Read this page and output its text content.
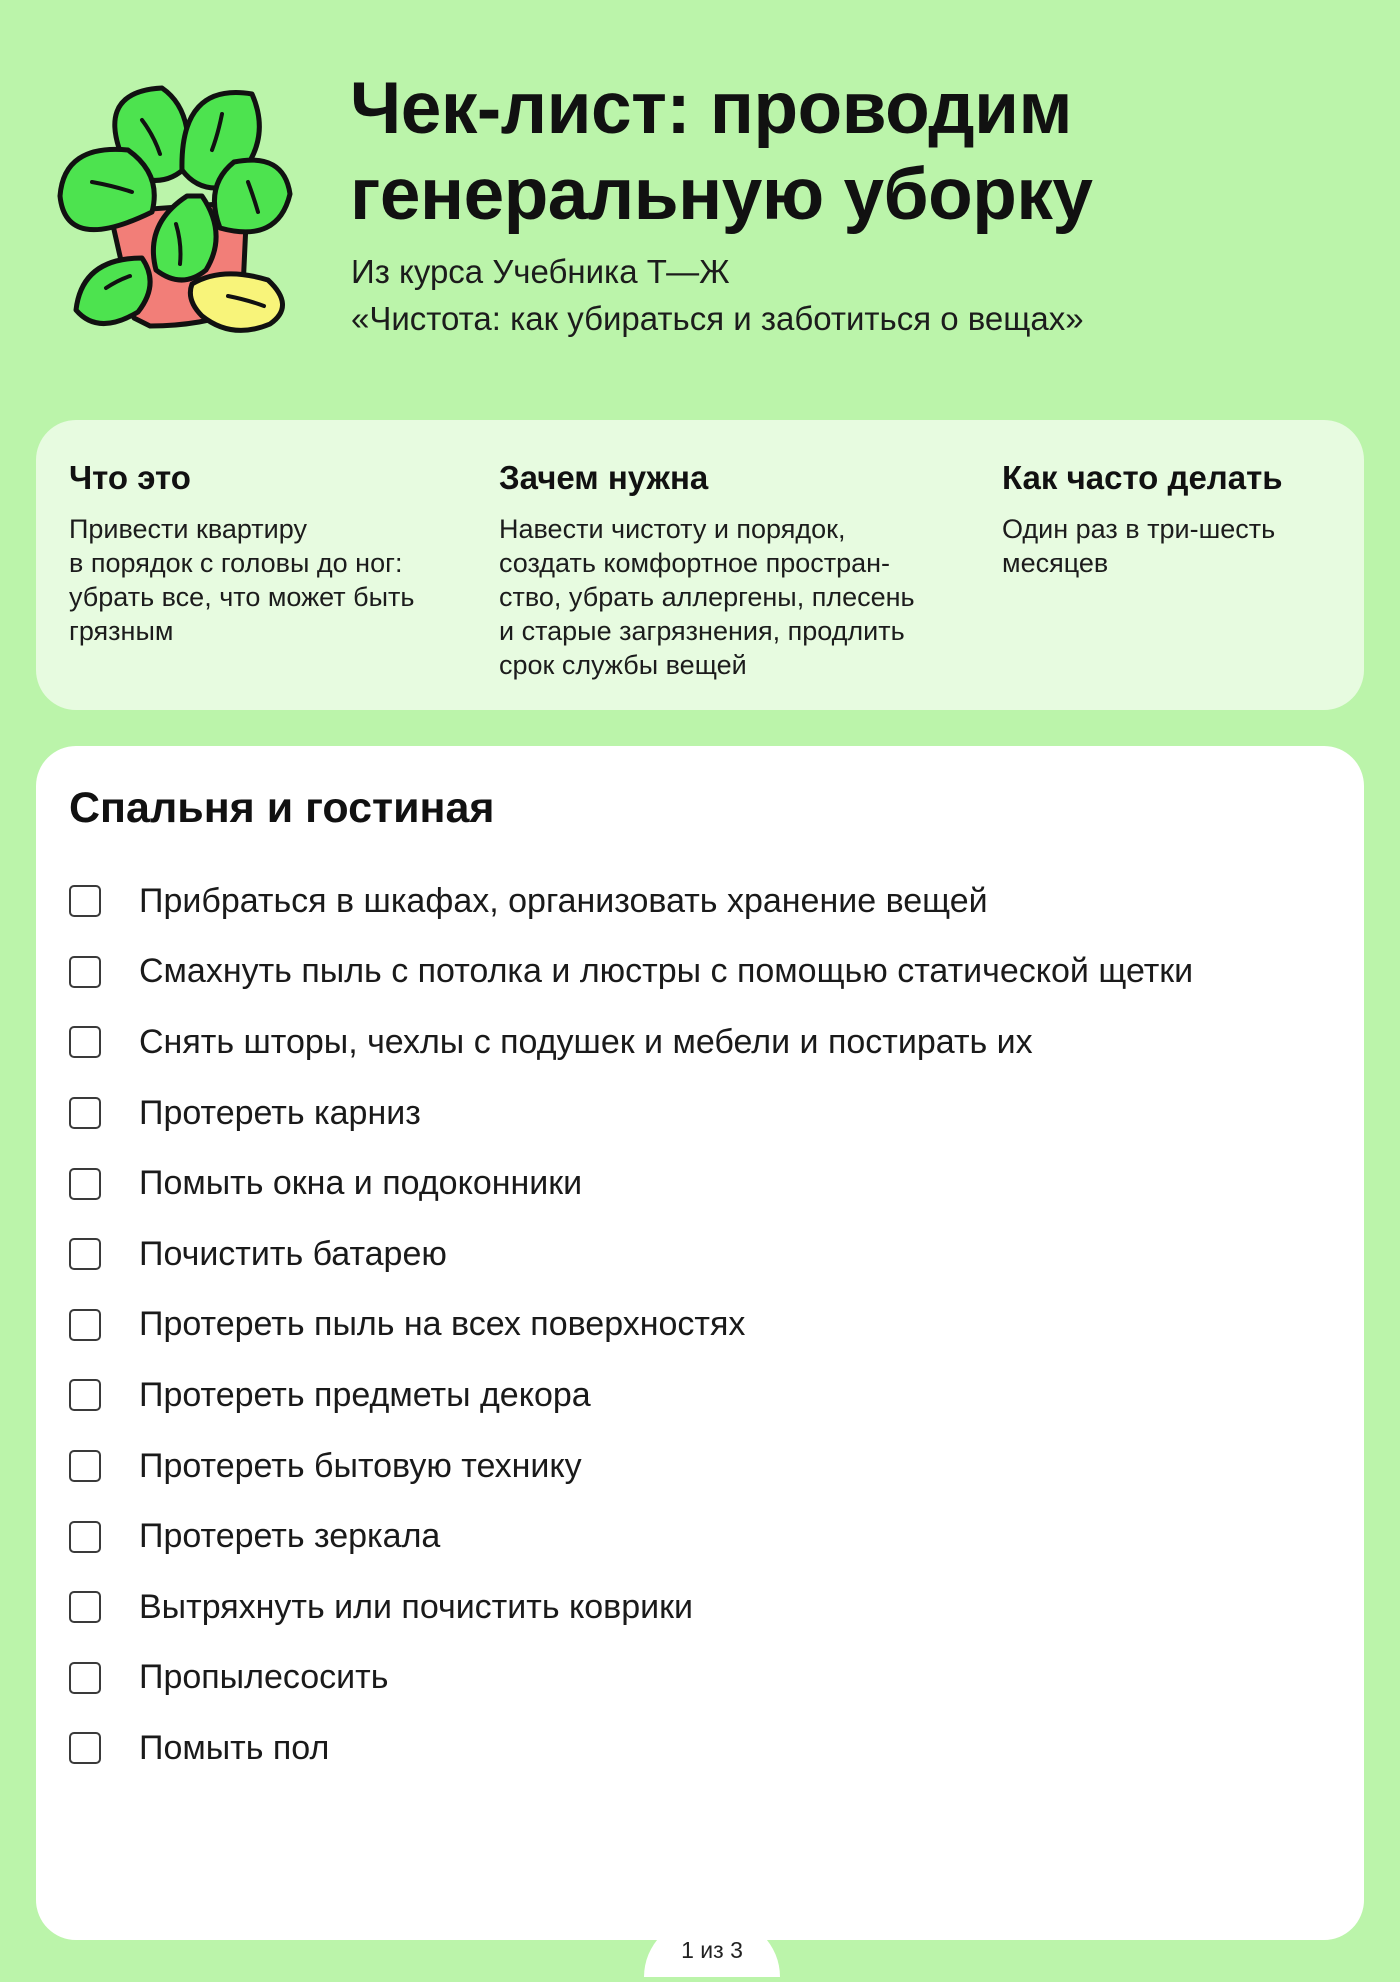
Чек-лист: проводим
генеральную уборку
Из курса Учебника Т—Ж
«Чистота: как убираться и заботиться о вещах»
Что это

Привести квартиру
в порядок с головы до ног:
убрать все, что может быть
грязным

Зачем нужна

Навести чистоту и порядок,
создать комфортное простран-
ство, убрать аллергены, плесень
и старые загрязнения, продлить
срок службы вещей

Как часто делать

Один раз в три-шесть
месяцев

Спальня и гостиная
Прибраться в шкафах, организовать хранение вещей
Смахнуть пыль с потолка и люстры с помощью статической щетки
Снять шторы, чехлы с подушек и мебели и постирать их
Протереть карниз
Помыть окна и подоконники
Почистить батарею
Протереть пыль на всех поверхностях
Протереть предметы декора
Протереть бытовую технику
Протереть зеркала
Вытряхнуть или почистить коврики
Пропылесосить
Помыть пол
1 из 3
